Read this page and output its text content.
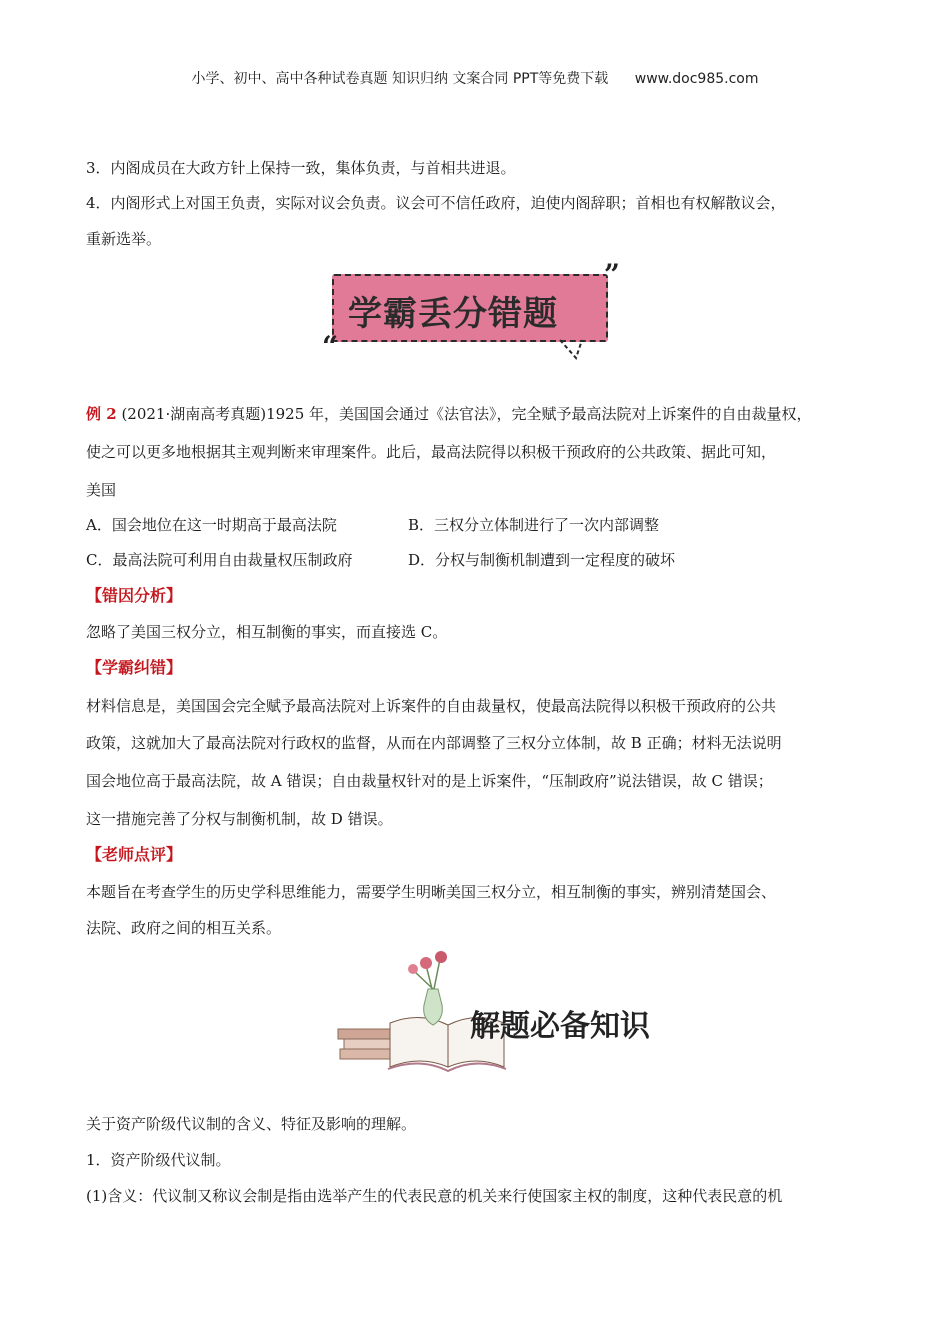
小学、初中、高中各种试卷真题 知识归纳 文案合同 PPT等免费下载 www.doc985.com
3．内阁成员在大政方针上保持一致，集体负责，与首相共进退。
4．内阁形式上对国王负责，实际对议会负责。议会可不信任政府，迫使内阁辞职；首相也有权解散议会，
重新选举。
学霸丢分错题
“
”
例 2 (2021·湖南高考真题)1925 年，美国国会通过《法官法》，完全赋予最高法院对上诉案件的自由裁量权，
使之可以更多地根据其主观判断来审理案件。此后，最高法院得以积极干预政府的公共政策、据此可知，
美国
A．国会地位在这一时期高于最高法院	B．三权分立体制进行了一次内部调整
C．最高法院可利用自由裁量权压制政府	D．分权与制衡机制遭到一定程度的破坏
【错因分析】
忽略了美国三权分立，相互制衡的事实，而直接选 C。
【学霸纠错】
材料信息是，美国国会完全赋予最高法院对上诉案件的自由裁量权，使最高法院得以积极干预政府的公共
政策，这就加大了最高法院对行政权的监督，从而在内部调整了三权分立体制，故 B 正确；材料无法说明
国会地位高于最高法院，故 A 错误；自由裁量权针对的是上诉案件，“压制政府”说法错误，故 C 错误；
这一措施完善了分权与制衡机制，故 D 错误。
【老师点评】
本题旨在考查学生的历史学科思维能力，需要学生明晰美国三权分立，相互制衡的事实，辨别清楚国会、
法院、政府之间的相互关系。
解题必备知识
关于资产阶级代议制的含义、特征及影响的理解。
1．资产阶级代议制。
(1)含义：代议制又称议会制是指由选举产生的代表民意的机关来行使国家主权的制度，这种代表民意的机
